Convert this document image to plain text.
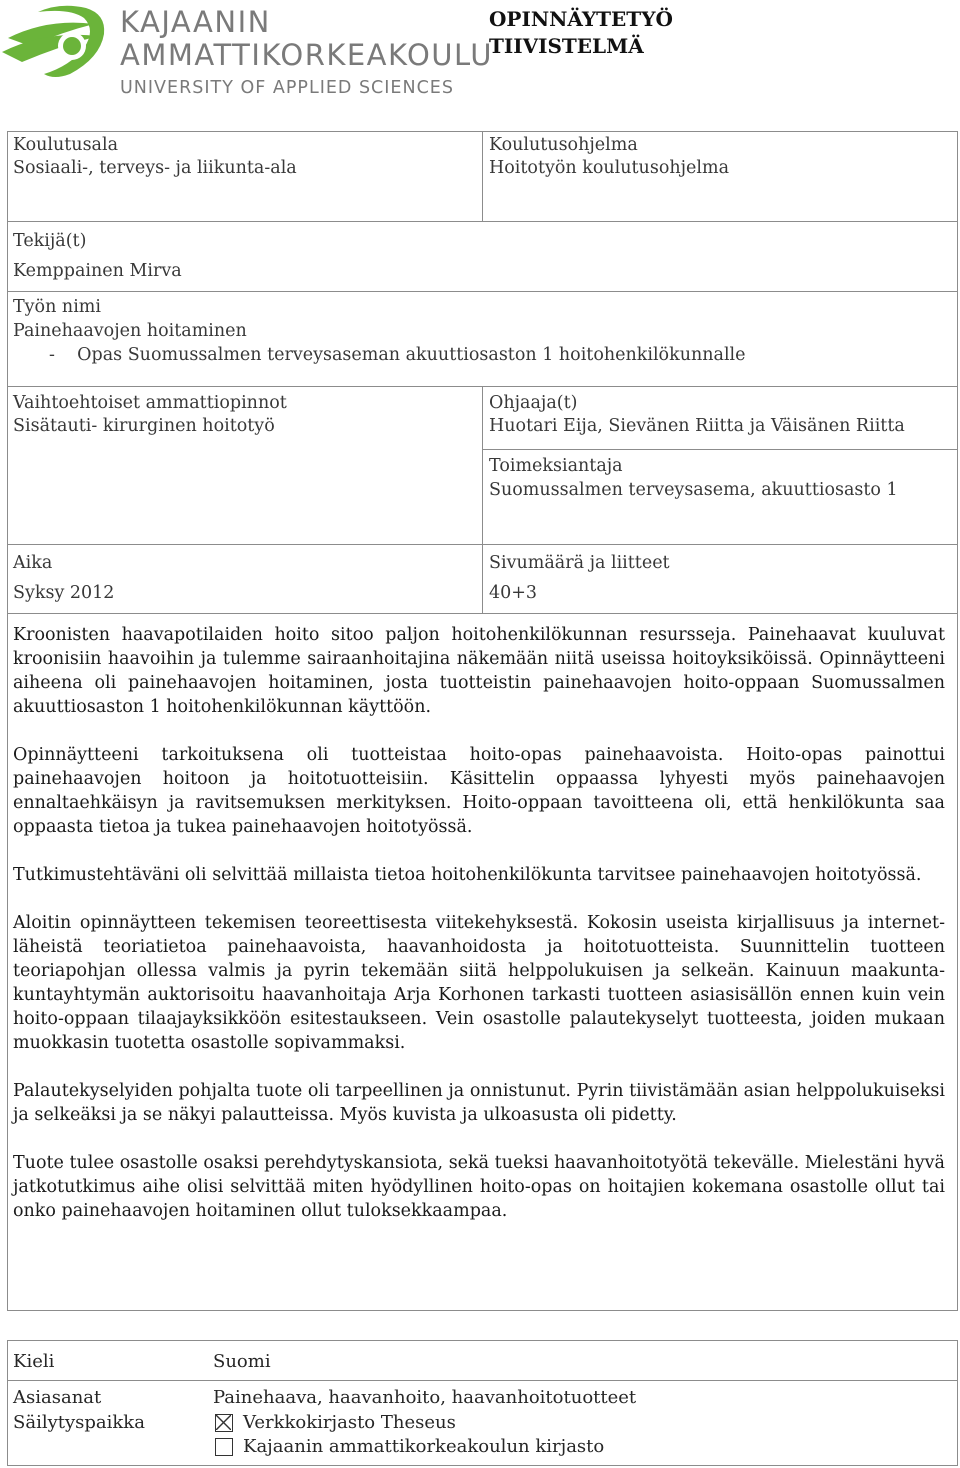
KAJAANIN
AMMATTIKORKEAKOULU
UNIVERSITY OF APPLIED SCIENCES
OPINNÄYTETYÖ
TIIVISTELMÄ
Koulutusala
Sosiaali-, terveys- ja liikunta-ala
Koulutusohjelma
Hoitotyön koulutusohjelma
Tekijä(t)
Kemppainen Mirva
Työn nimi
Painehaavojen hoitaminen
-    Opas Suomussalmen terveysaseman akuuttiosaston 1 hoitohenkilökunnalle
Vaihtoehtoiset ammattiopinnot
Sisätauti- kirurginen hoitotyö
Ohjaaja(t)
Huotari Eija, Sievänen Riitta ja Väisänen Riitta
Toimeksiantaja
Suomussalmen terveysasema, akuuttiosasto 1
Aika
Syksy 2012
Sivumäärä ja liitteet
40+3

Kroonisten haavapotilaiden hoito sitoo paljon hoitohenkilökunnan resursseja. Painehaavat kuuluvat kroonisiin haavoihin ja tulemme sairaanhoitajina näkemään niitä useissa hoitoyksiköissä. Opinnäytteeni aiheena oli painehaavojen hoitaminen, josta tuotteistin painehaavojen hoito-oppaan Suomussalmen akuuttiosaston 1 hoitohenkilökunnan käyttöön.

Opinnäytteeni tarkoituksena oli tuotteistaa hoito-opas painehaavoista. Hoito-opas painottui painehaavojen hoitoon ja hoitotuotteisiin. Käsittelin oppaassa lyhyesti myös painehaavojen ennaltaehkäisyn ja ravitsemuksen merkityksen. Hoito-oppaan tavoitteena oli, että henkilökunta saa oppaasta tietoa ja tukea painehaavojen hoitotyössä.

Tutkimustehtäväni oli selvittää millaista tietoa hoitohenkilökunta tarvitsee painehaavojen hoitotyössä.

Aloitin opinnäytteen tekemisen teoreettisesta viitekehyksestä. Kokosin useista kirjallisuus ja internet- läheistä teoriatietoa painehaavoista, haavanhoidosta ja hoitotuotteista. Suunnittelin tuotteen teoriapohjan ollessa valmis ja pyrin tekemään siitä helppolukuisen ja selkeän. Kainuun maakunta- kuntayhtymän auktorisoitu haavanhoitaja Arja Korhonen tarkasti tuotteen asiasisällön ennen kuin vein hoito-oppaan tilaajayksikköön esitestaukseen. Vein osastolle palautekyselyt tuotteesta, joiden mukaan muokkasin tuotetta osastolle sopivammaksi.

Palautekyselyiden pohjalta tuote oli tarpeellinen ja onnistunut. Pyrin tiivistämään asian helppolukuiseksi ja selkeäksi ja se näkyi palautteissa. Myös kuvista ja ulkoasusta oli pidetty.

Tuote tulee osastolle osaksi perehdytyskansiota, sekä tueksi haavanhoitotyötä tekevälle. Mielestäni hyvä jatkotutkimus aihe olisi selvittää miten hyödyllinen hoito-opas on hoitajien kokemana osastolle ollut tai onko painehaavojen hoitaminen ollut tuloksekkaampaa.

Kieli	Suomi
Asiasanat	Painehaava, haavanhoito, haavanhoitotuotteet
Säilytyspaikka	Verkkokirjasto Theseus
Kajaanin ammattikorkeakoulun kirjasto
